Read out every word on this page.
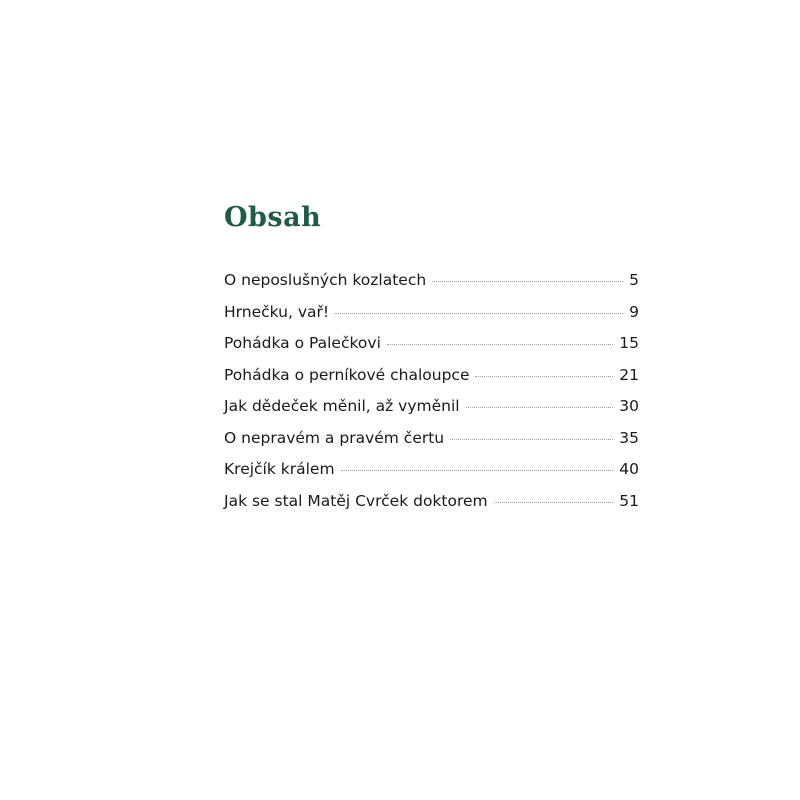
Obsah
O neposlušných kozlatech	5
Hrnečku, vař!	9
Pohádka o Palečkovi	15
Pohádka o perníkové chaloupce	21
Jak dědeček měnil, až vyměnil	30
O nepravém a pravém čertu	35
Krejčík králem	40
Jak se stal Matěj Cvrček doktorem	51
